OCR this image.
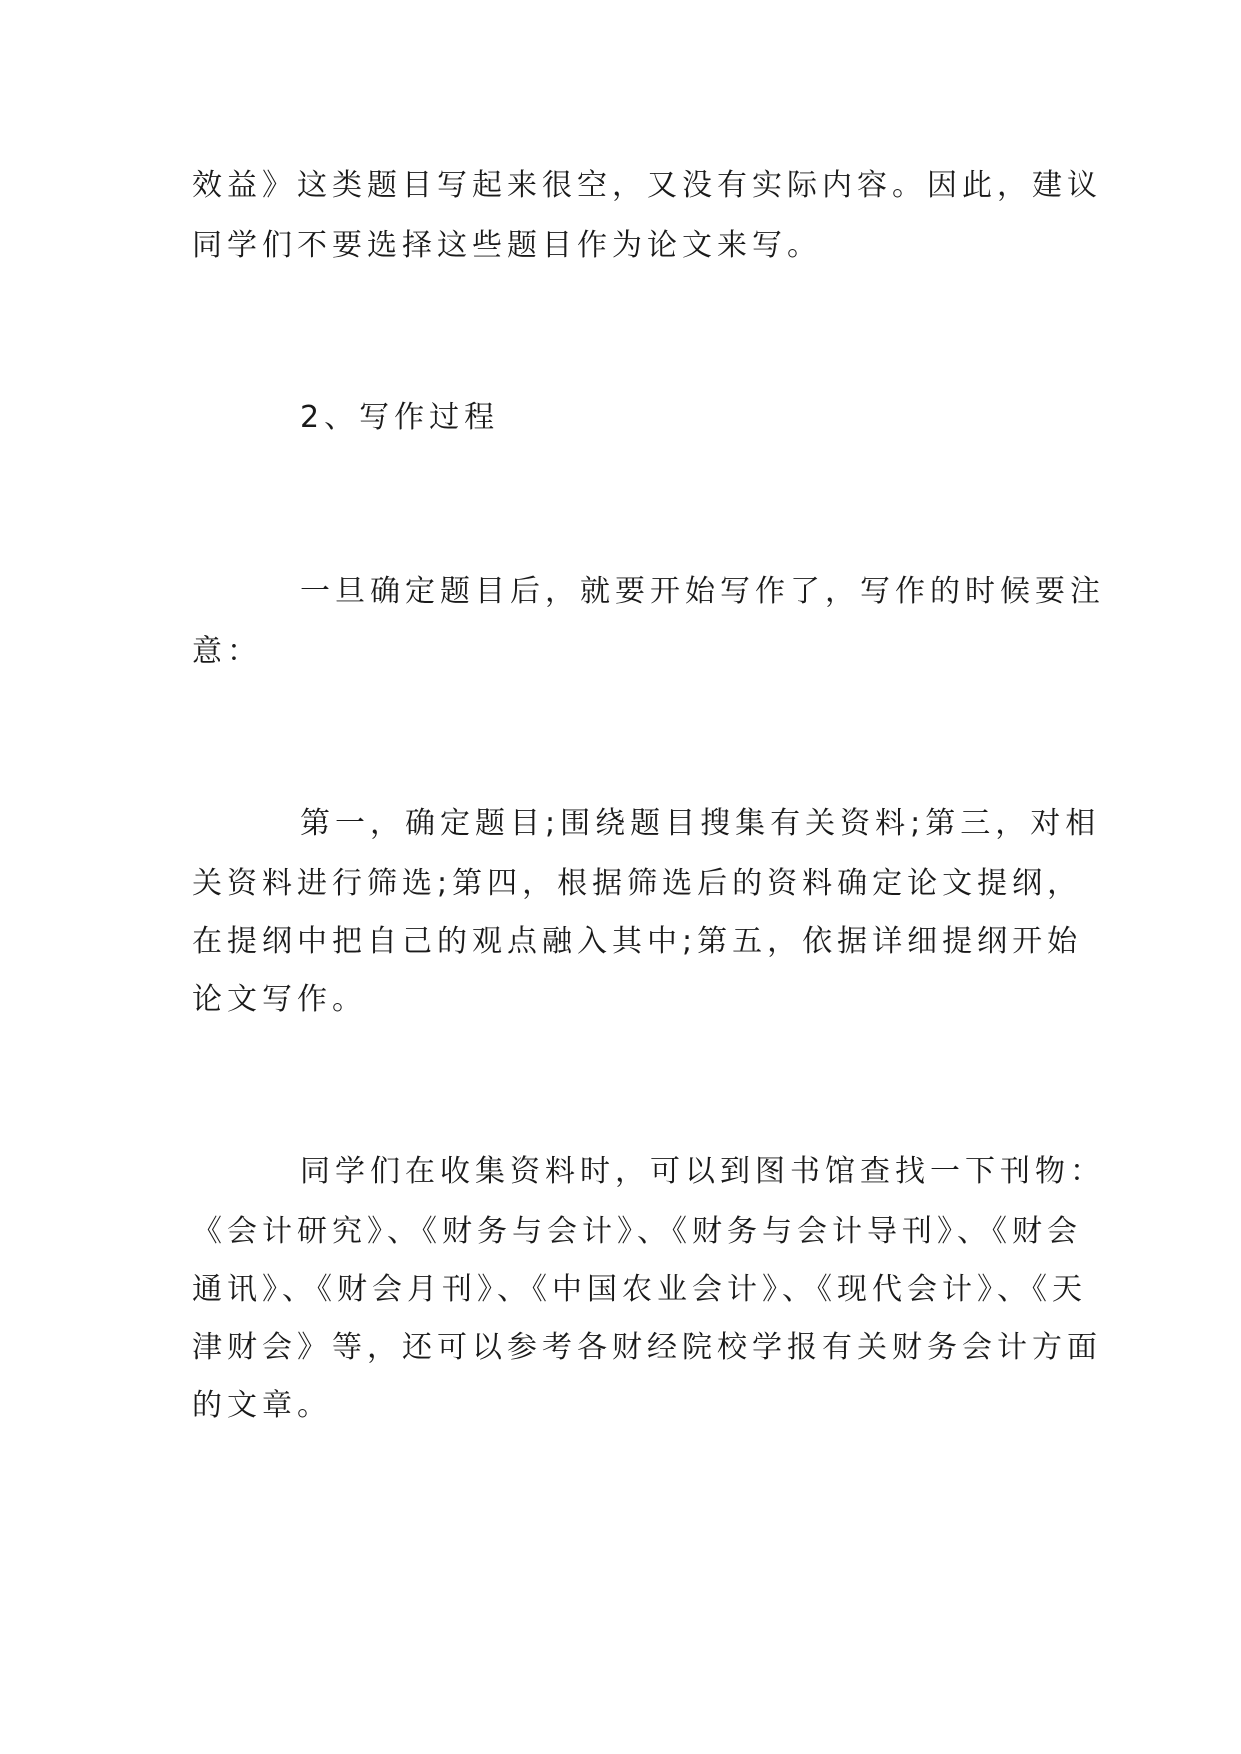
效益》这类题目写起来很空，又没有实际内容。因此，建议

同学们不要选择这些题目作为论文来写。

2、写作过程

一旦确定题目后，就要开始写作了，写作的时候要注

意：

第一，确定题目;围绕题目搜集有关资料;第三，对相

关资料进行筛选;第四，根据筛选后的资料确定论文提纲，

在提纲中把自己的观点融入其中;第五，依据详细提纲开始

论文写作。

同学们在收集资料时，可以到图书馆查找一下刊物：

《会计研究》、《财务与会计》、《财务与会计导刊》、《财会

通讯》、《财会月刊》、《中国农业会计》、《现代会计》、《天

津财会》等，还可以参考各财经院校学报有关财务会计方面

的文章。
